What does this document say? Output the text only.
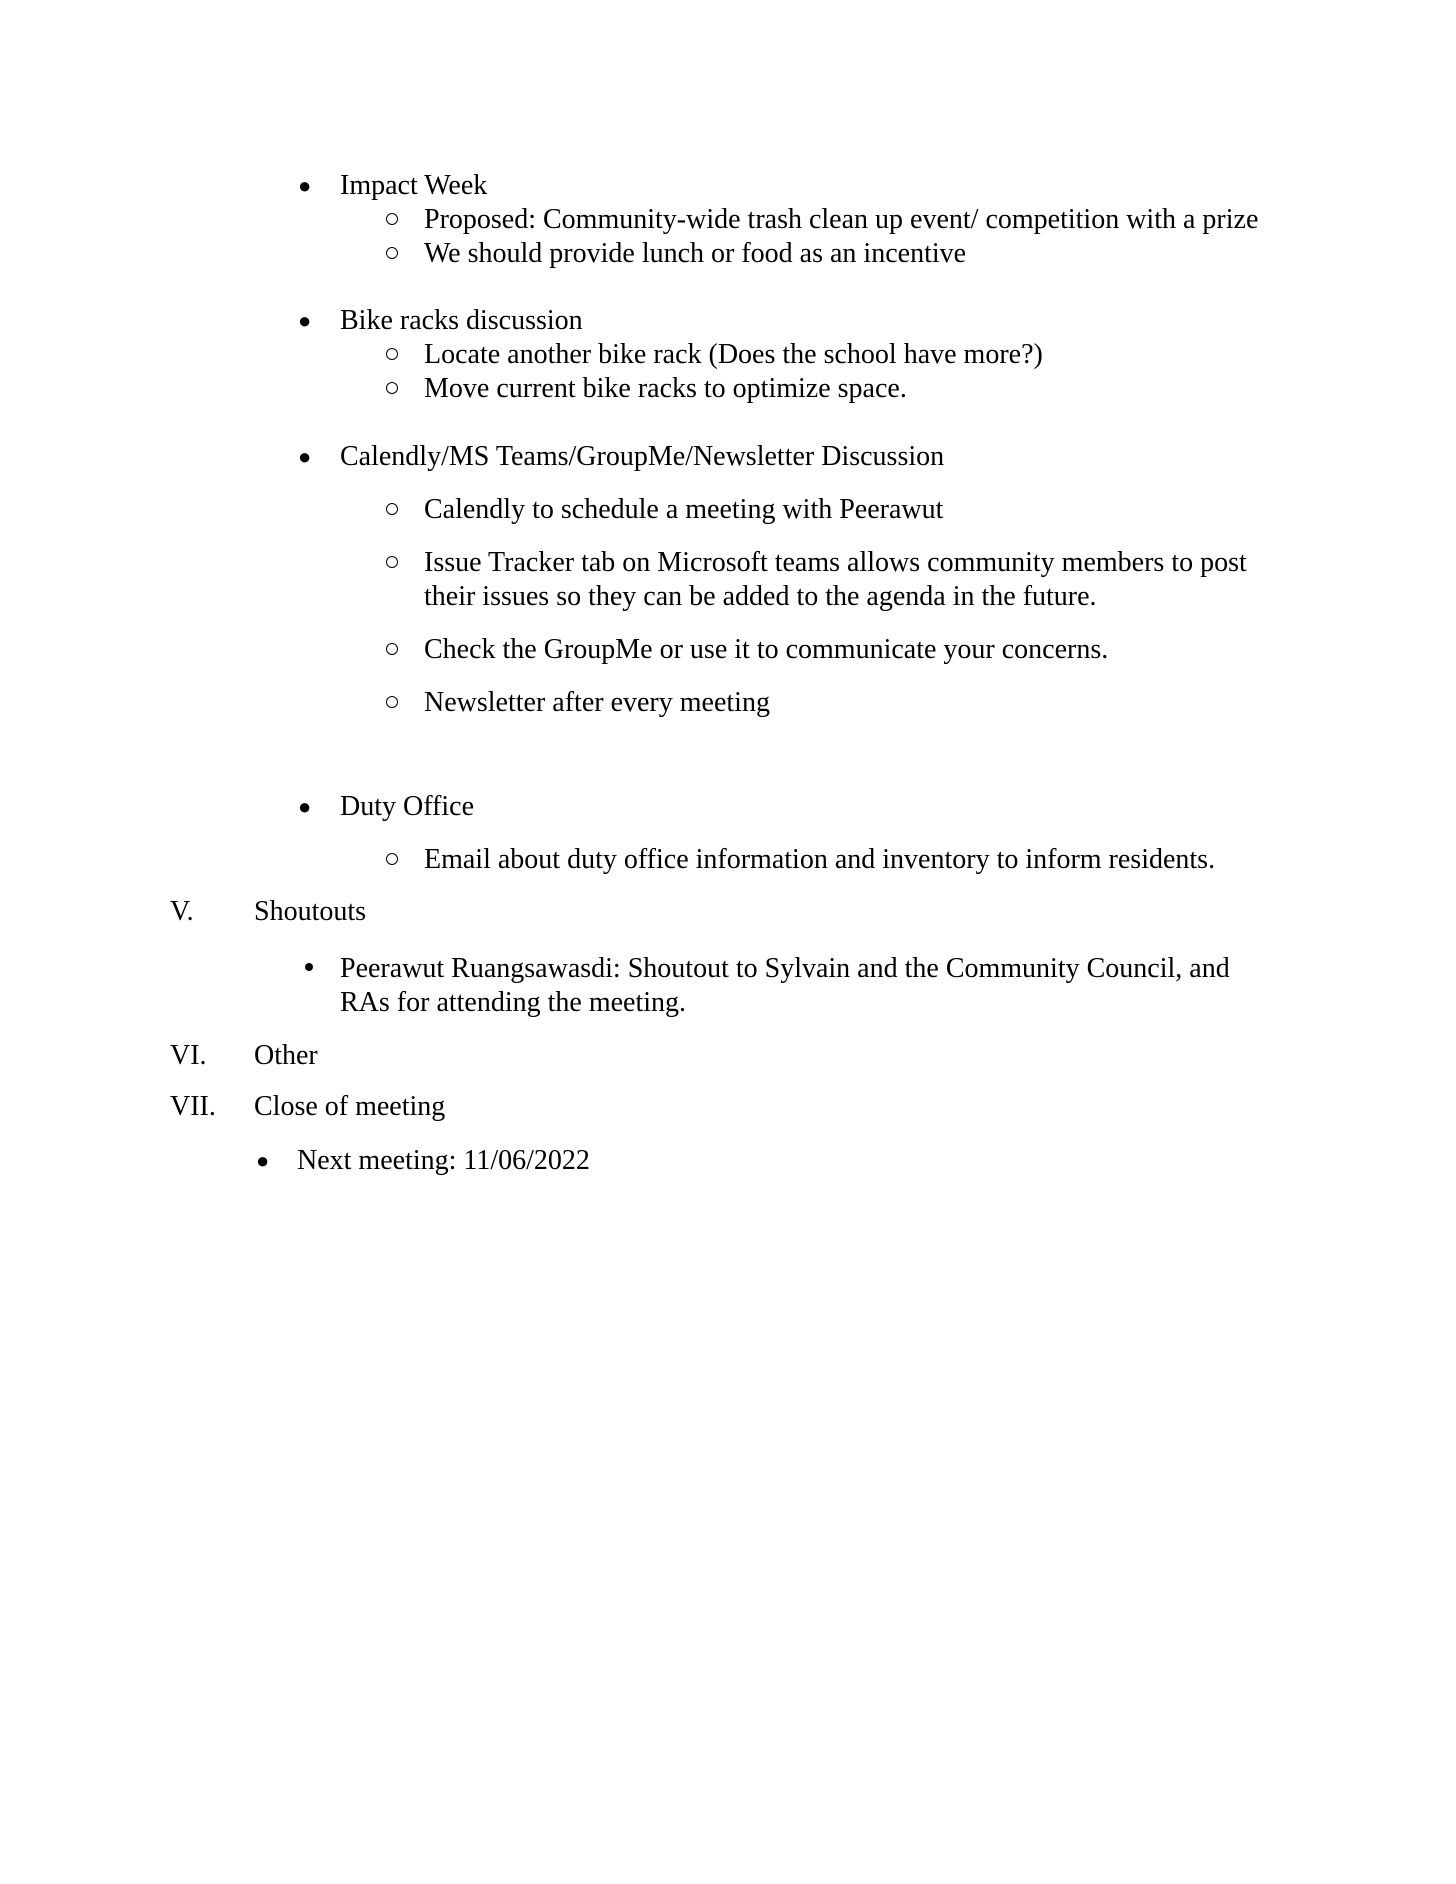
● Impact Week
Proposed: Community-wide trash clean up event/ competition with a prize
We should provide lunch or food as an incentive
● Bike racks discussion
Locate another bike rack (Does the school have more?)
Move current bike racks to optimize space.
● Calendly/MS Teams/GroupMe/Newsletter Discussion
Calendly to schedule a meeting with Peerawut
Issue Tracker tab on Microsoft teams allows community members to post
their issues so they can be added to the agenda in the future.
Check the GroupMe or use it to communicate your concerns.
Newsletter after every meeting
● Duty Office
Email about duty office information and inventory to inform residents.
V. Shoutouts
Peerawut Ruangsawasdi: Shoutout to Sylvain and the Community Council, and
RAs for attending the meeting.
VI. Other
VII. Close of meeting
● Next meeting: 11/06/2022
